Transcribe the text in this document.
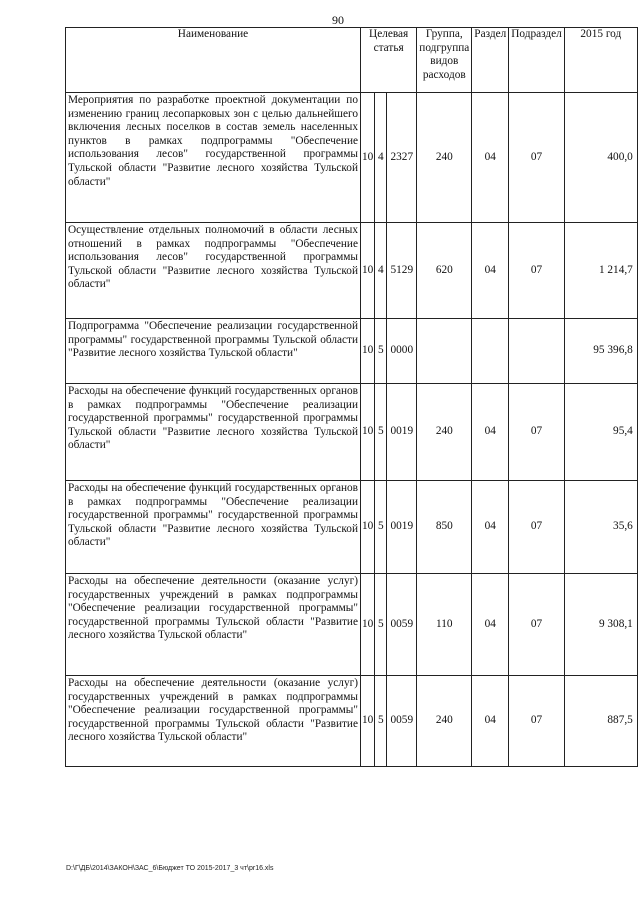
90
Наименование	Целевая статья			Группа, подгруппа видов расходов	Раздел	Подраздел	2015 год
Мероприятия по разработке проектной документации по изменению границ лесопарковых зон с целью дальнейшего включения лесных поселков в состав земель населенных пунктов в рамках подпрограммы "Обеспечение использования лесов" государственной программы Тульской области "Развитие лесного хозяйства Тульской области"	10	4	2327	240	04	07	400,0
Осуществление отдельных полномочий в области лесных отношений в рамках подпрограммы "Обеспечение использования лесов" государственной программы Тульской области "Развитие лесного хозяйства Тульской области"	10	4	5129	620	04	07	1 214,7
Подпрограмма "Обеспечение реализации государственной программы" государственной программы Тульской области "Развитие лесного хозяйства Тульской области"	10	5	0000				95 396,8
Расходы на обеспечение функций государственных органов в рамках подпрограммы "Обеспечение реализации государственной программы" государственной программы Тульской области "Развитие лесного хозяйства Тульской области"	10	5	0019	240	04	07	95,4
Расходы на обеспечение функций государственных органов в рамках подпрограммы "Обеспечение реализации государственной программы" государственной программы Тульской области "Развитие лесного хозяйства Тульской области"	10	5	0019	850	04	07	35,6
Расходы на обеспечение деятельности (оказание услуг) государственных учреждений в рамках подпрограммы "Обеспечение реализации государственной программы" государственной программы Тульской области "Развитие лесного хозяйства Тульской области"	10	5	0059	110	04	07	9 308,1
Расходы на обеспечение деятельности (оказание услуг) государственных учреждений в рамках подпрограммы "Обеспечение реализации государственной программы" государственной программы Тульской области "Развитие лесного хозяйства Тульской области"	10	5	0059	240	04	07	887,5
D:\Г\ДБ\2014\ЗАКОН\ЗАС_6\Бюджет ТО 2015-2017_3 чт\pr16.xls
